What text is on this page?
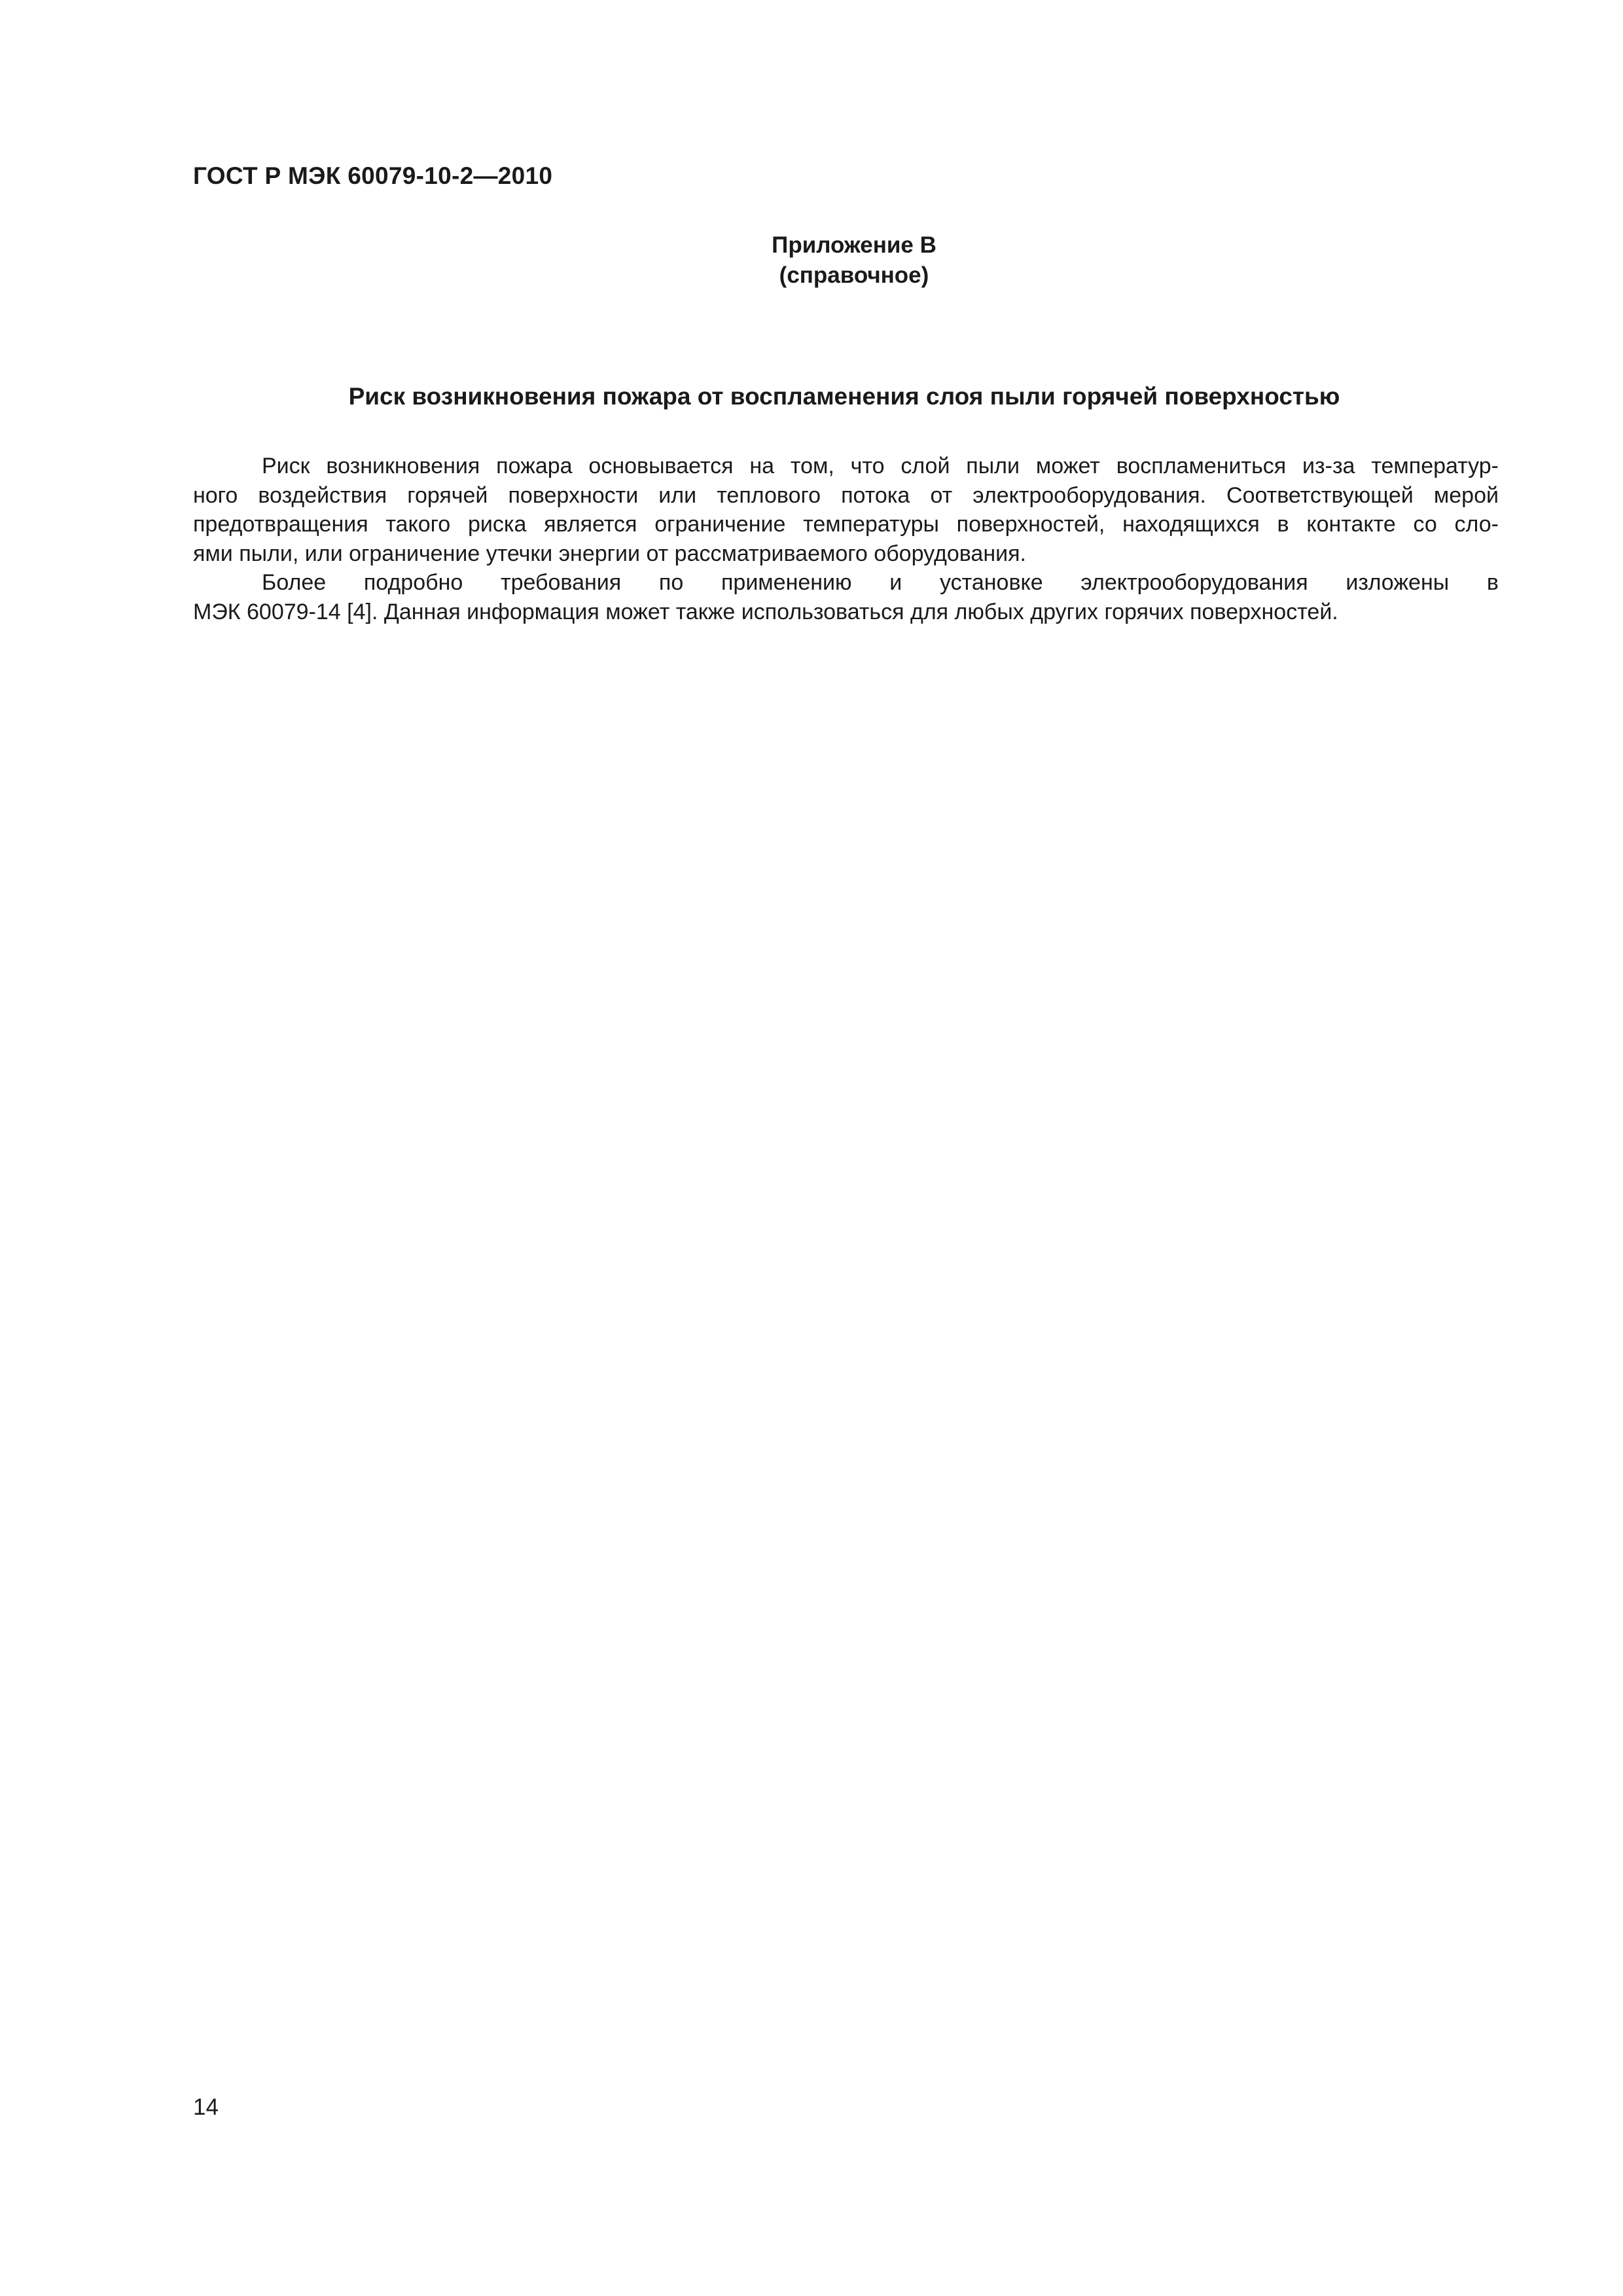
ГОСТ Р МЭК 60079-10-2—2010
Приложение В
(справочное)
Риск возникновения пожара от воспламенения слоя пыли горячей поверхностью
Риск возникновения пожара основывается на том, что слой пыли может воспламениться из-за температур-
ного воздействия горячей поверхности или теплового потока от электрооборудования. Соответствующей мерой
предотвращения такого риска является ограничение температуры поверхностей, находящихся в контакте со сло-
ями пыли, или ограничение утечки энергии от рассматриваемого оборудования.
Более подробно требования по применению и установке электрооборудования изложены в
МЭК 60079-14 [4]. Данная информация может также использоваться для любых других горячих поверхностей.
14
